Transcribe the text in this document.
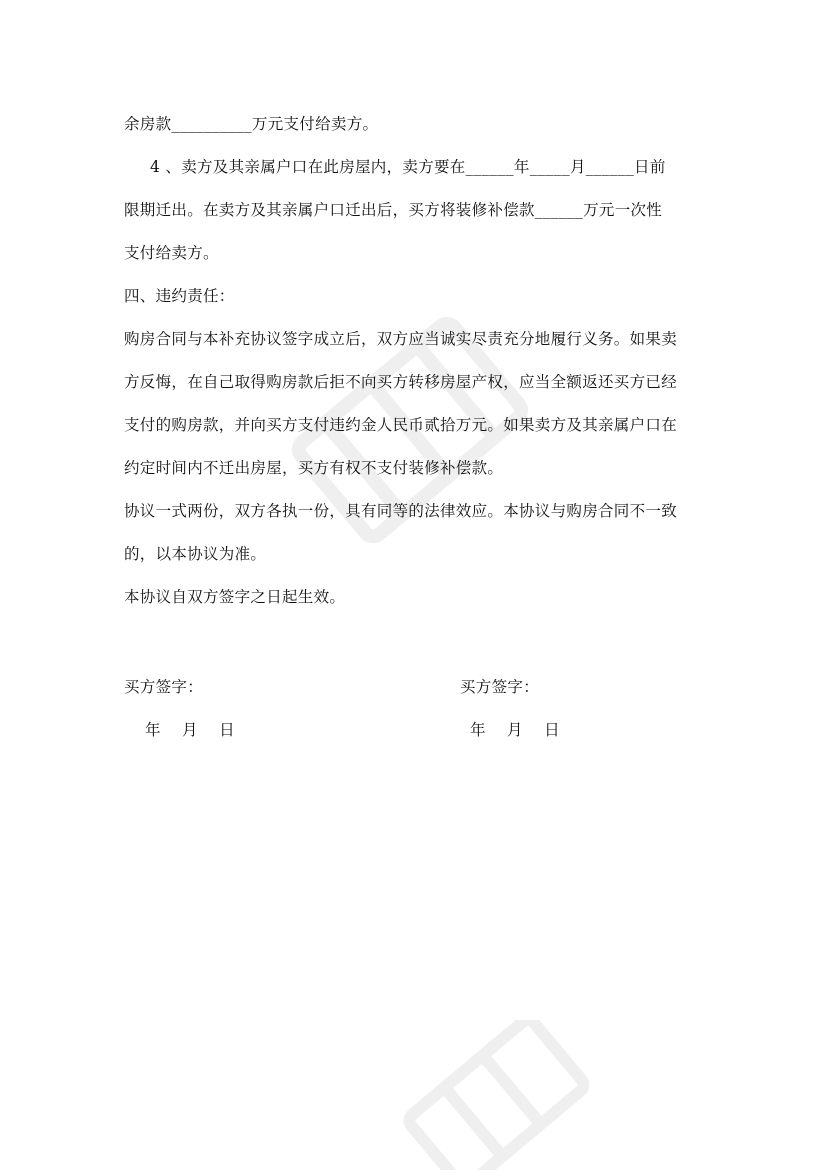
余房款__________万元支付给卖方。
4 、卖方及其亲属户口在此房屋内，卖方要在______年_____月______日前
限期迁出。在卖方及其亲属户口迁出后，买方将装修补偿款______万元一次性
支付给卖方。
四、违约责任：
购房合同与本补充协议签字成立后，双方应当诚实尽责充分地履行义务。如果卖
方反悔，在自己取得购房款后拒不向买方转移房屋产权，应当全额返还买方已经
支付的购房款，并向买方支付违约金人民币贰拾万元。如果卖方及其亲属户口在
约定时间内不迁出房屋，买方有权不支付装修补偿款。
协议一式两份，双方各执一份，具有同等的法律效应。本协议与购房合同不一致
的，以本协议为准。
本协议自双方签字之日起生效。
买方签字：	买方签字：
年 月 日	年 月 日
